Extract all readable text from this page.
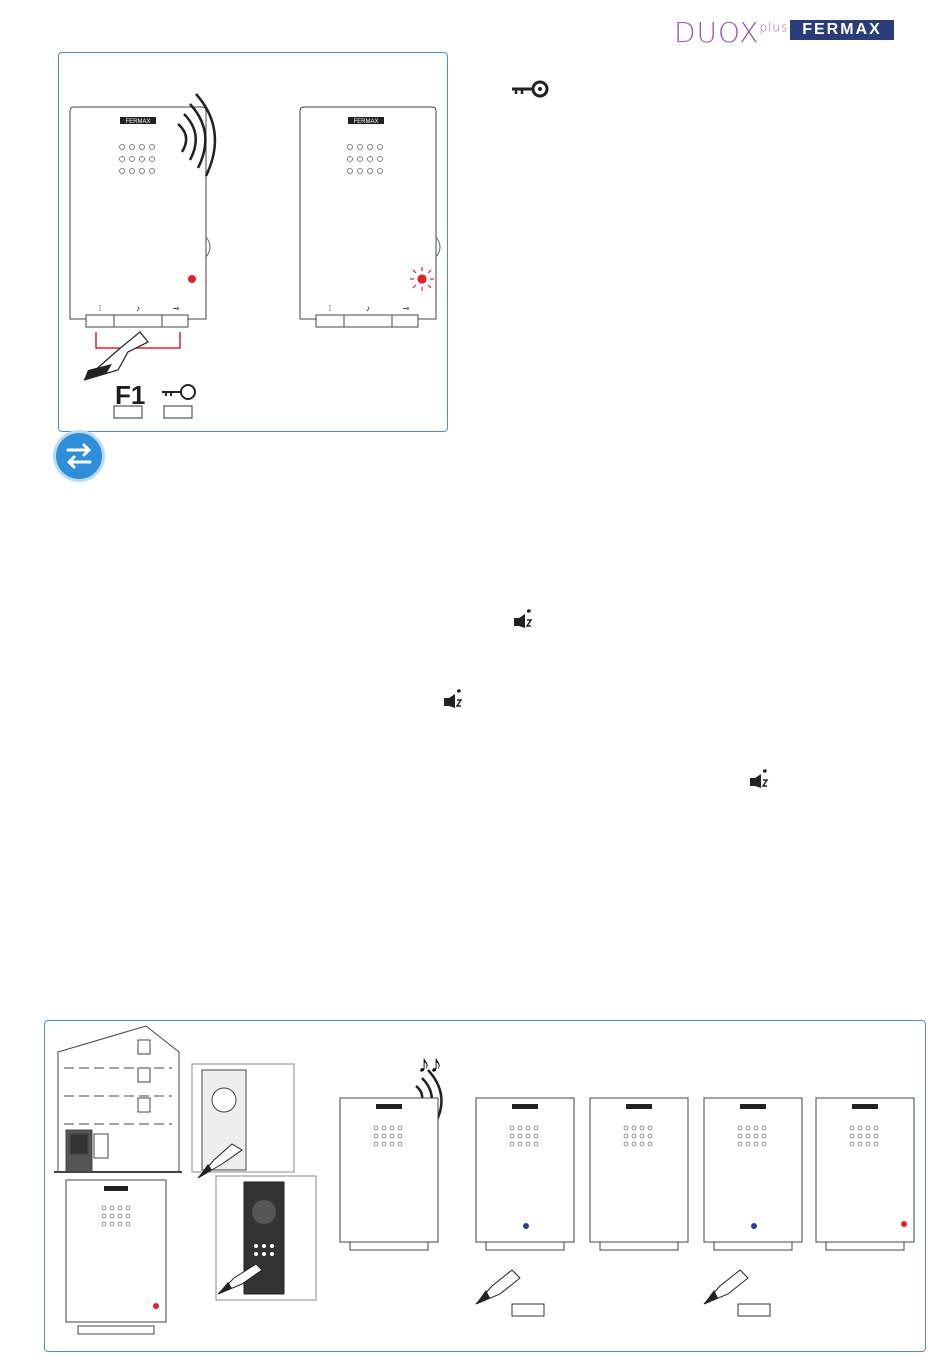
$DUOX^{plus}$ FERMAX
FERMAX
⁞	♪	⊸
FERMAX
⁞	♪	⊸
F1
♪♪
